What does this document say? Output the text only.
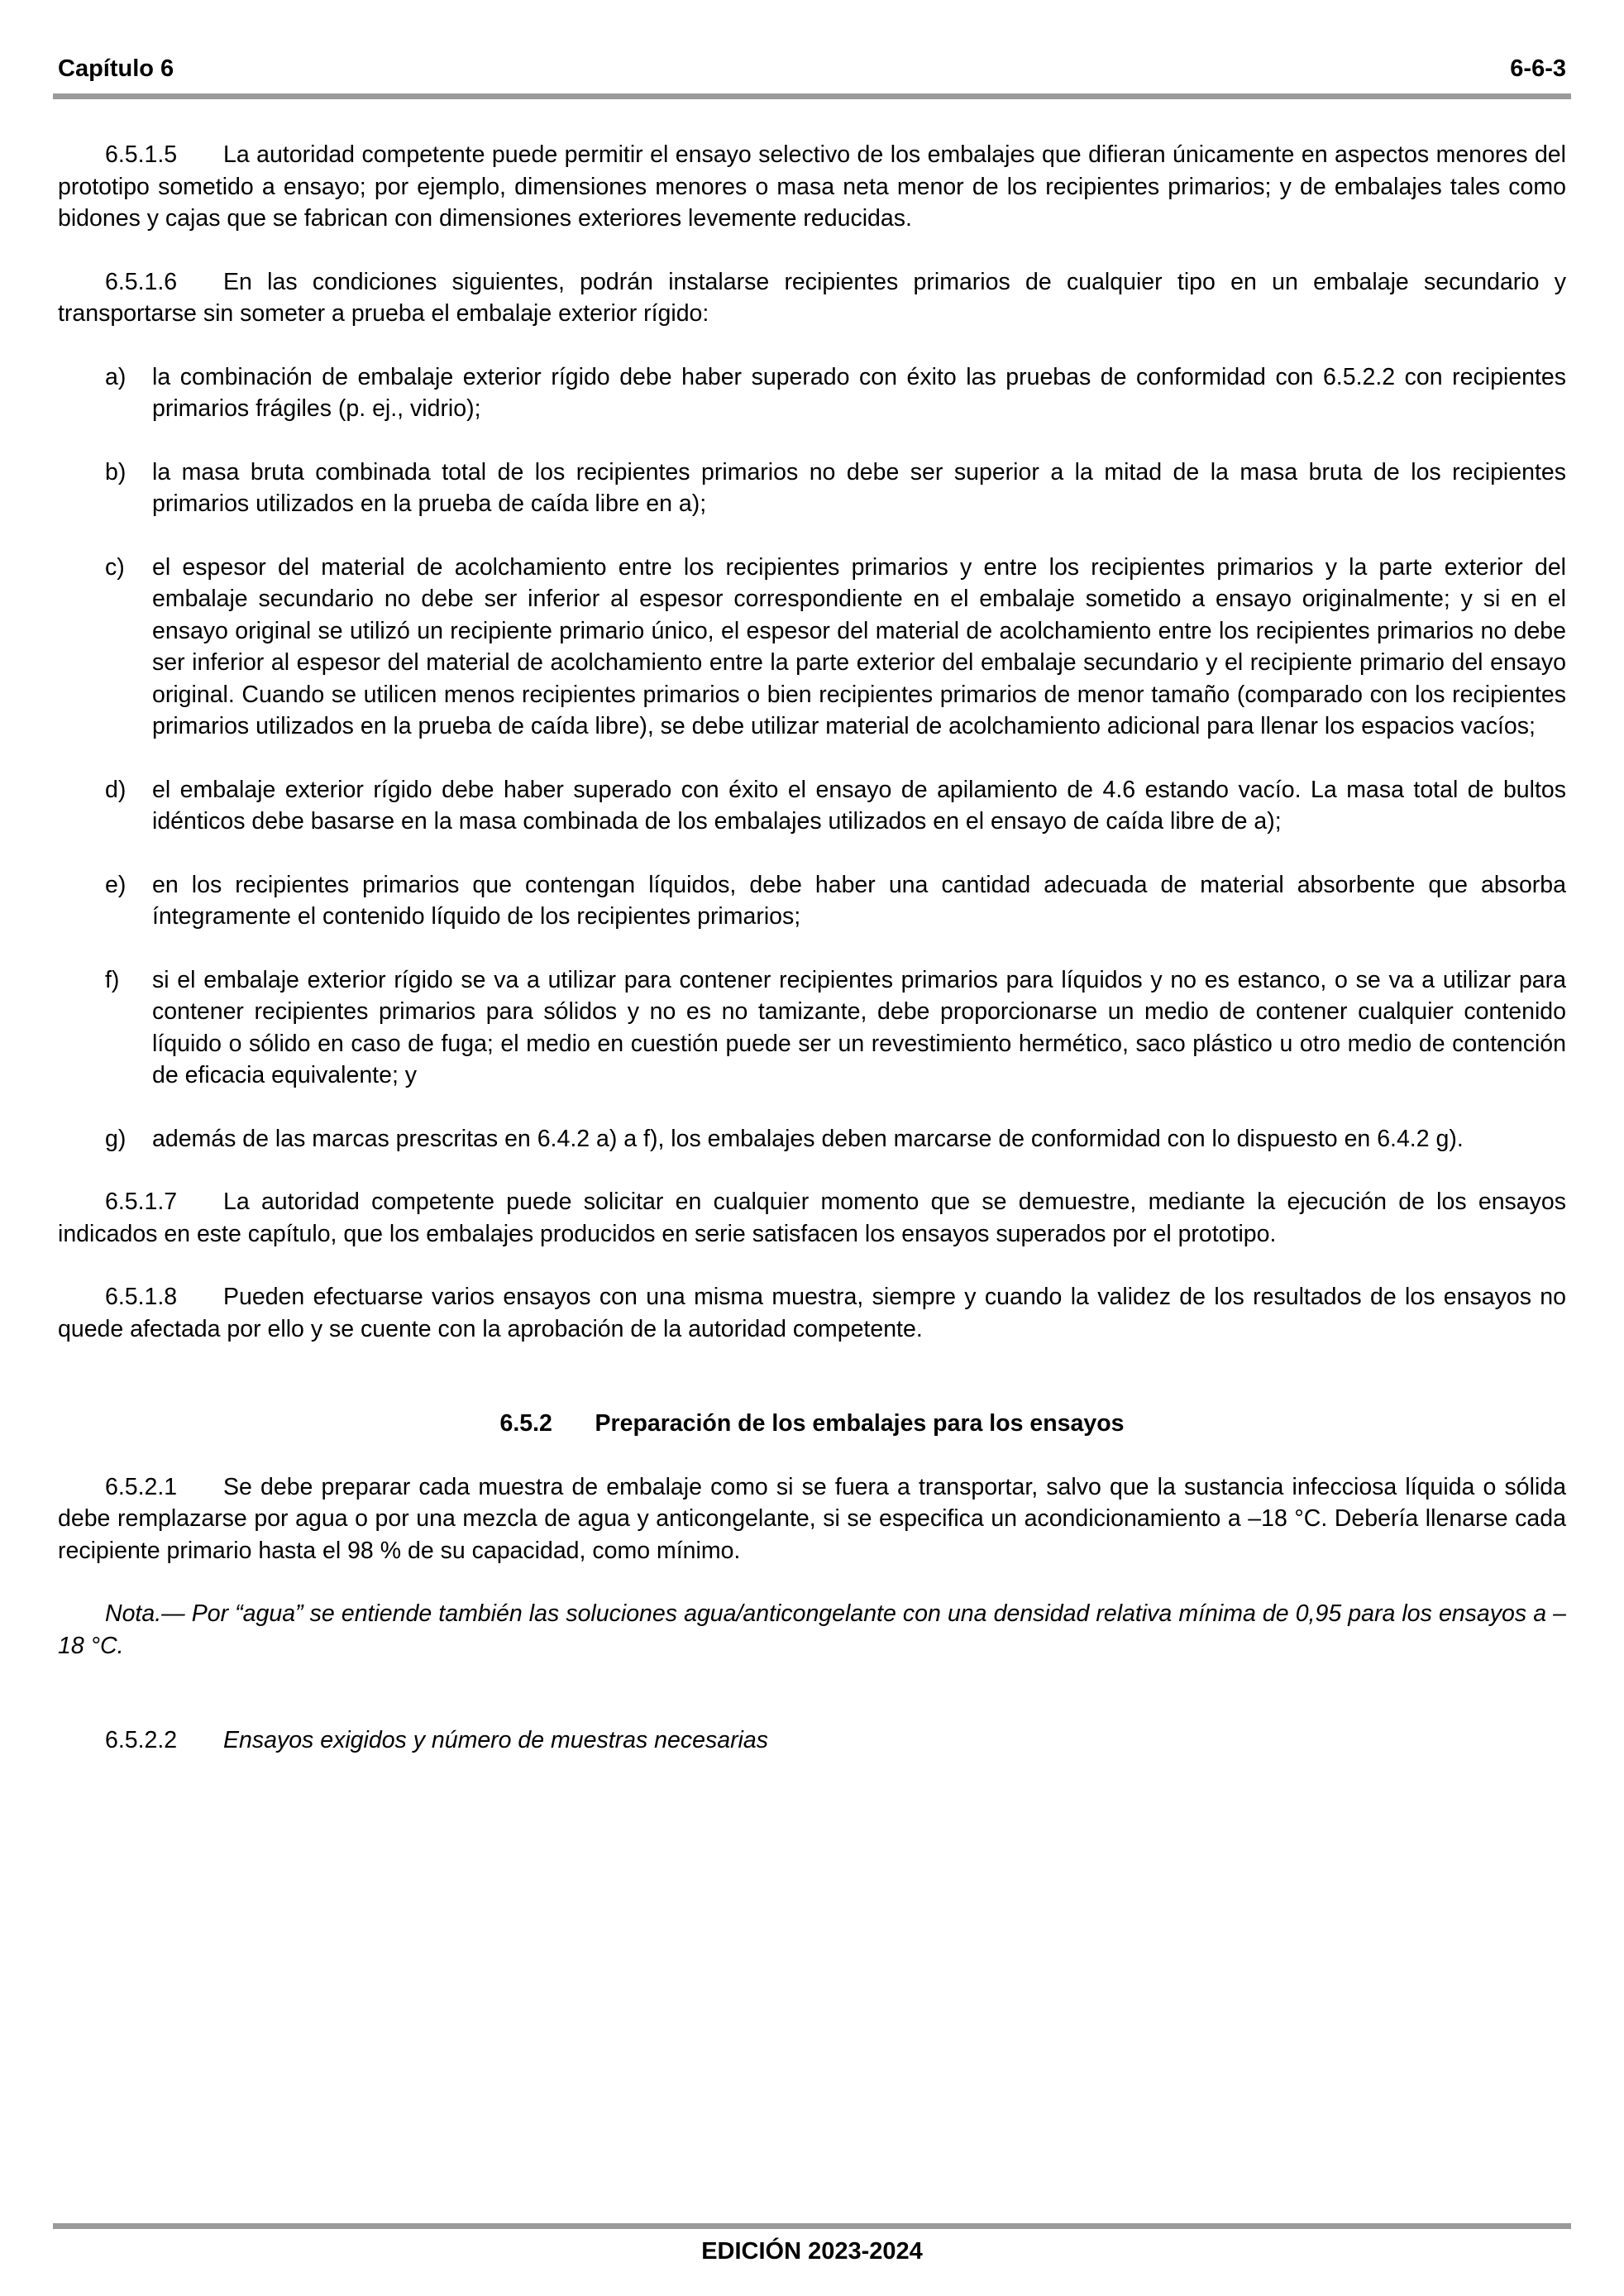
Capítulo 6	6-6-3

6.5.1.5 La autoridad competente puede permitir el ensayo selectivo de los embalajes que difieran únicamente en aspectos menores del prototipo sometido a ensayo; por ejemplo, dimensiones menores o masa neta menor de los recipientes primarios; y de embalajes tales como bidones y cajas que se fabrican con dimensiones exteriores levemente reducidas.

6.5.1.6 En las condiciones siguientes, podrán instalarse recipientes primarios de cualquier tipo en un embalaje secundario y transportarse sin someter a prueba el embalaje exterior rígido:

a)	la combinación de embalaje exterior rígido debe haber superado con éxito las pruebas de conformidad con 6.5.2.2 con recipientes primarios frágiles (p. ej., vidrio);
b)	la masa bruta combinada total de los recipientes primarios no debe ser superior a la mitad de la masa bruta de los recipientes primarios utilizados en la prueba de caída libre en a);
c)	el espesor del material de acolchamiento entre los recipientes primarios y entre los recipientes primarios y la parte exterior del embalaje secundario no debe ser inferior al espesor correspondiente en el embalaje sometido a ensayo originalmente; y si en el ensayo original se utilizó un recipiente primario único, el espesor del material de acolchamiento entre los recipientes primarios no debe ser inferior al espesor del material de acolchamiento entre la parte exterior del embalaje secundario y el recipiente primario del ensayo original. Cuando se utilicen menos recipientes primarios o bien recipientes primarios de menor tamaño (comparado con los recipientes primarios utilizados en la prueba de caída libre), se debe utilizar material de acolchamiento adicional para llenar los espacios vacíos;
d)	el embalaje exterior rígido debe haber superado con éxito el ensayo de apilamiento de 4.6 estando vacío. La masa total de bultos idénticos debe basarse en la masa combinada de los embalajes utilizados en el ensayo de caída libre de a);
e)	en los recipientes primarios que contengan líquidos, debe haber una cantidad adecuada de material absorbente que absorba íntegramente el contenido líquido de los recipientes primarios;
f)	si el embalaje exterior rígido se va a utilizar para contener recipientes primarios para líquidos y no es estanco, o se va a utilizar para contener recipientes primarios para sólidos y no es no tamizante, debe proporcionarse un medio de contener cualquier contenido líquido o sólido en caso de fuga; el medio en cuestión puede ser un revestimiento hermético, saco plástico u otro medio de contención de eficacia equivalente; y
g)	además de las marcas prescritas en 6.4.2 a) a f), los embalajes deben marcarse de conformidad con lo dispuesto en 6.4.2 g).

6.5.1.7 La autoridad competente puede solicitar en cualquier momento que se demuestre, mediante la ejecución de los ensayos indicados en este capítulo, que los embalajes producidos en serie satisfacen los ensayos superados por el prototipo.

6.5.1.8 Pueden efectuarse varios ensayos con una misma muestra, siempre y cuando la validez de los resultados de los ensayos no quede afectada por ello y se cuente con la aprobación de la autoridad competente.

6.5.2 Preparación de los embalajes para los ensayos

6.5.2.1 Se debe preparar cada muestra de embalaje como si se fuera a transportar, salvo que la sustancia infecciosa líquida o sólida debe remplazarse por agua o por una mezcla de agua y anticongelante, si se especifica un acondicionamiento a –18 °C. Debería llenarse cada recipiente primario hasta el 98 % de su capacidad, como mínimo.

Nota.— Por “agua” se entiende también las soluciones agua/anticongelante con una densidad relativa mínima de 0,95 para los ensayos a –18 °C.

6.5.2.2 Ensayos exigidos y número de muestras necesarias
EDICIÓN 2023-2024
